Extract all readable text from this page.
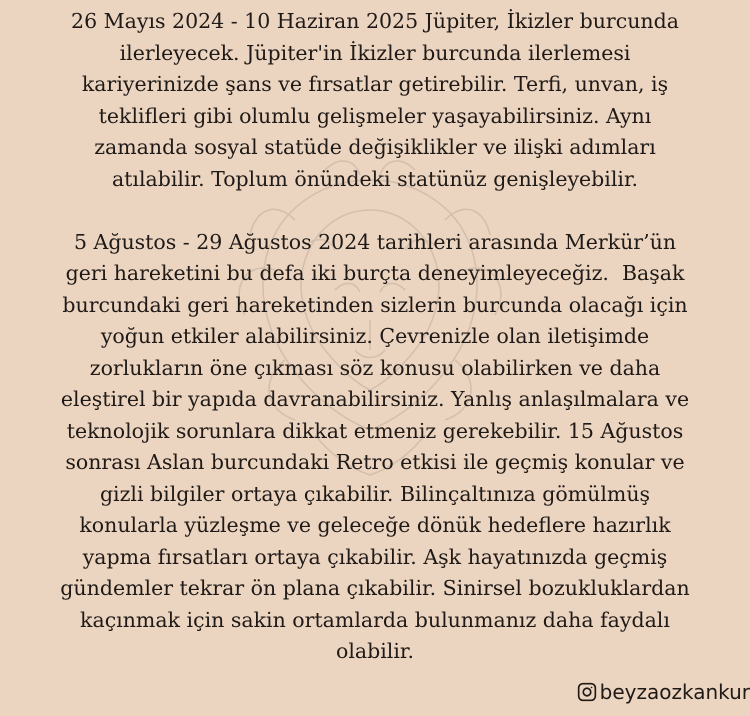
26 Mayıs 2024 - 10 Haziran 2025 Jüpiter, İkizler burcunda
ilerleyecek. Jüpiter'in İkizler burcunda ilerlemesi
kariyerinizde şans ve fırsatlar getirebilir. Terfi, unvan, iş
teklifleri gibi olumlu gelişmeler yaşayabilirsiniz. Aynı
zamanda sosyal statüde değişiklikler ve ilişki adımları
atılabilir. Toplum önündeki statünüz genişleyebilir.
5 Ağustos - 29 Ağustos 2024 tarihleri arasında Merkür’ün
geri hareketini bu defa iki burçta deneyimleyeceğiz.  Başak
burcundaki geri hareketinden sizlerin burcunda olacağı için
yoğun etkiler alabilirsiniz. Çevrenizle olan iletişimde
zorlukların öne çıkması söz konusu olabilirken ve daha
eleştirel bir yapıda davranabilirsiniz. Yanlış anlaşılmalara ve
teknolojik sorunlara dikkat etmeniz gerekebilir. 15 Ağustos
sonrası Aslan burcundaki Retro etkisi ile geçmiş konular ve
gizli bilgiler ortaya çıkabilir. Bilinçaltınıza gömülmüş
konularla yüzleşme ve geleceğe dönük hedeflere hazırlık
yapma fırsatları ortaya çıkabilir. Aşk hayatınızda geçmiş
gündemler tekrar ön plana çıkabilir. Sinirsel bozukluklardan
kaçınmak için sakin ortamlarda bulunmanız daha faydalı
olabilir.
beyzaozkankur
